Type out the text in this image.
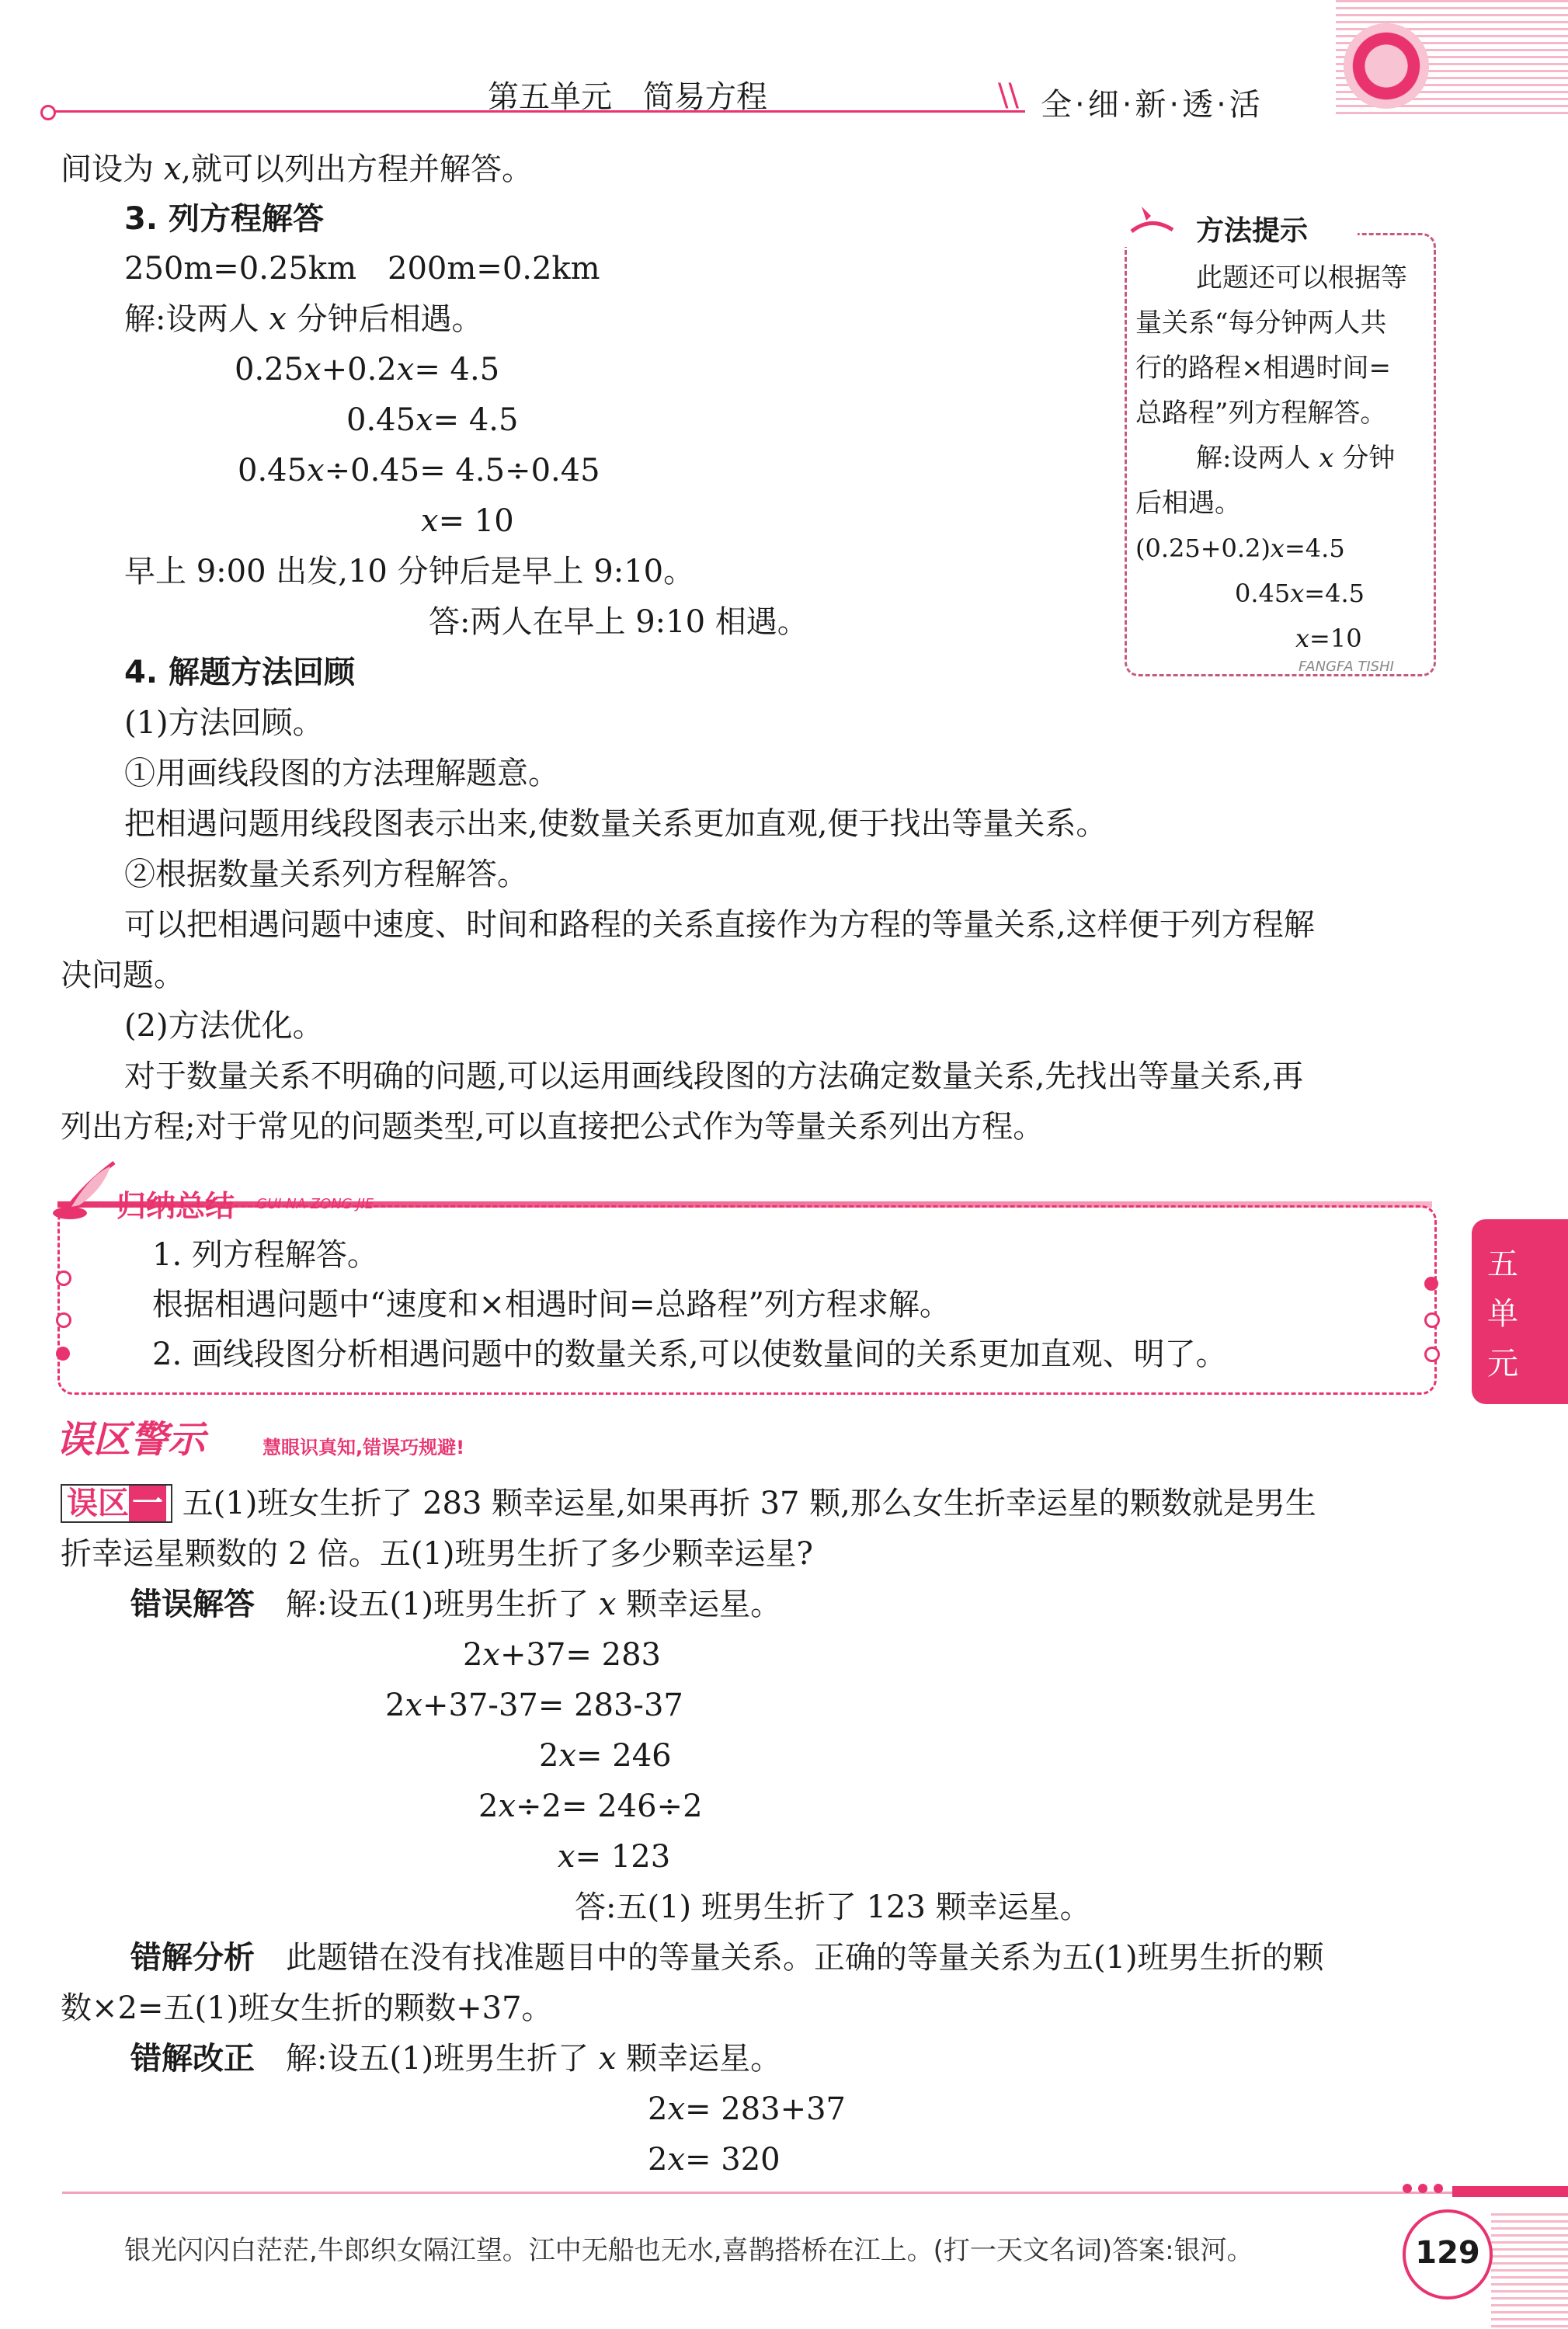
第五单元　简易方程	\\ 全·细·新·透·活
间设为 x,就可以列出方程并解答。
3. 列方程解答
250m=0.25km　200m=0.2km
解:设两人 x 分钟后相遇。
0.25x+0.2x= 4.5
0.45x= 4.5
0.45x÷0.45= 4.5÷0.45
x= 10
早上 9:00 出发,10 分钟后是早上 9:10。
答:两人在早上 9:10 相遇。
方法提示
此题还可以根据等
量关系“每分钟两人共
行的路程×相遇时间=
总路程”列方程解答。
解:设两人 x 分钟
后相遇。
(0.25+0.2)x=4.5
0.45x=4.5
x=10
FANGFA TISHI
4. 解题方法回顾
(1)方法回顾。
①用画线段图的方法理解题意。
把相遇问题用线段图表示出来,使数量关系更加直观,便于找出等量关系。
②根据数量关系列方程解答。
可以把相遇问题中速度、时间和路程的关系直接作为方程的等量关系,这样便于列方程解
决问题。
(2)方法优化。
对于数量关系不明确的问题,可以运用画线段图的方法确定数量关系,先找出等量关系,再
列出方程;对于常见的问题类型,可以直接把公式作为等量关系列出方程。
归纳总结 GUI NA ZONG JIE
1. 列方程解答。
根据相遇问题中“速度和×相遇时间=总路程”列方程求解。
2. 画线段图分析相遇问题中的数量关系,可以使数量间的关系更加直观、明了。
五
单
元
误区警示	慧眼识真知,错误巧规避!
误区 一 五(1)班女生折了 283 颗幸运星,如果再折 37 颗,那么女生折幸运星的颗数就是男生
折幸运星颗数的 2 倍。五(1)班男生折了多少颗幸运星?
错误解答　 解:设五(1)班男生折了 x 颗幸运星。
2x+37= 283
2x+37-37= 283-37
2x= 246
2x÷2= 246÷2
x= 123
答:五(1) 班男生折了 123 颗幸运星。
错解分析　 此题错在没有找准题目中的等量关系。正确的等量关系为五(1)班男生折的颗
数×2=五(1)班女生折的颗数+37。
错解改正　 解:设五(1)班男生折了 x 颗幸运星。
2x= 283+37
2x= 320
银光闪闪白茫茫,牛郎织女隔江望。江中无船也无水,喜鹊搭桥在江上。(打一天文名词)答案:银河。	129
